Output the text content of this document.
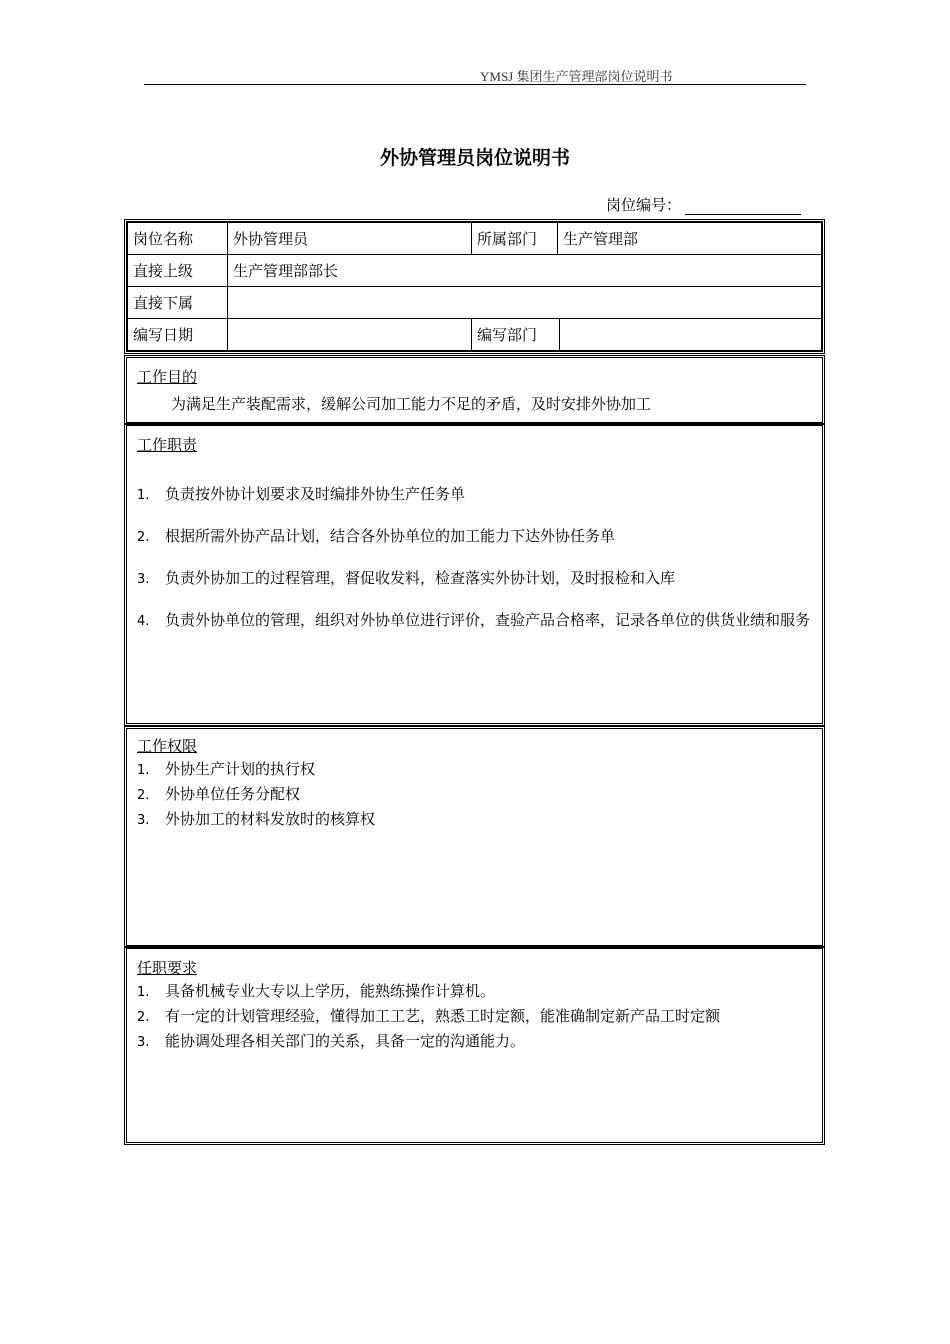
YMSJ 集团生产管理部岗位说明书
外协管理员岗位说明书
岗位编号：
岗位名称	外协管理员	所属部门	生产管理部	
直接上级	生产管理部部长			
直接下属				
编写日期		编写部门		
工作目的
为满足生产装配需求，缓解公司加工能力不足的矛盾，及时安排外协加工
工作职责
1. 负责按外协计划要求及时编排外协生产任务单
2. 根据所需外协产品计划，结合各外协单位的加工能力下达外协任务单
3. 负责外协加工的过程管理，督促收发料，检查落实外协计划，及时报检和入库
4. 负责外协单位的管理，组织对外协单位进行评价，查验产品合格率，记录各单位的供货业绩和服务
工作权限
1. 外协生产计划的执行权
2. 外协单位任务分配权
3. 外协加工的材料发放时的核算权
任职要求
1. 具备机械专业大专以上学历，能熟练操作计算机。
2. 有一定的计划管理经验，懂得加工工艺，熟悉工时定额，能准确制定新产品工时定额
3. 能协调处理各相关部门的关系，具备一定的沟通能力。
